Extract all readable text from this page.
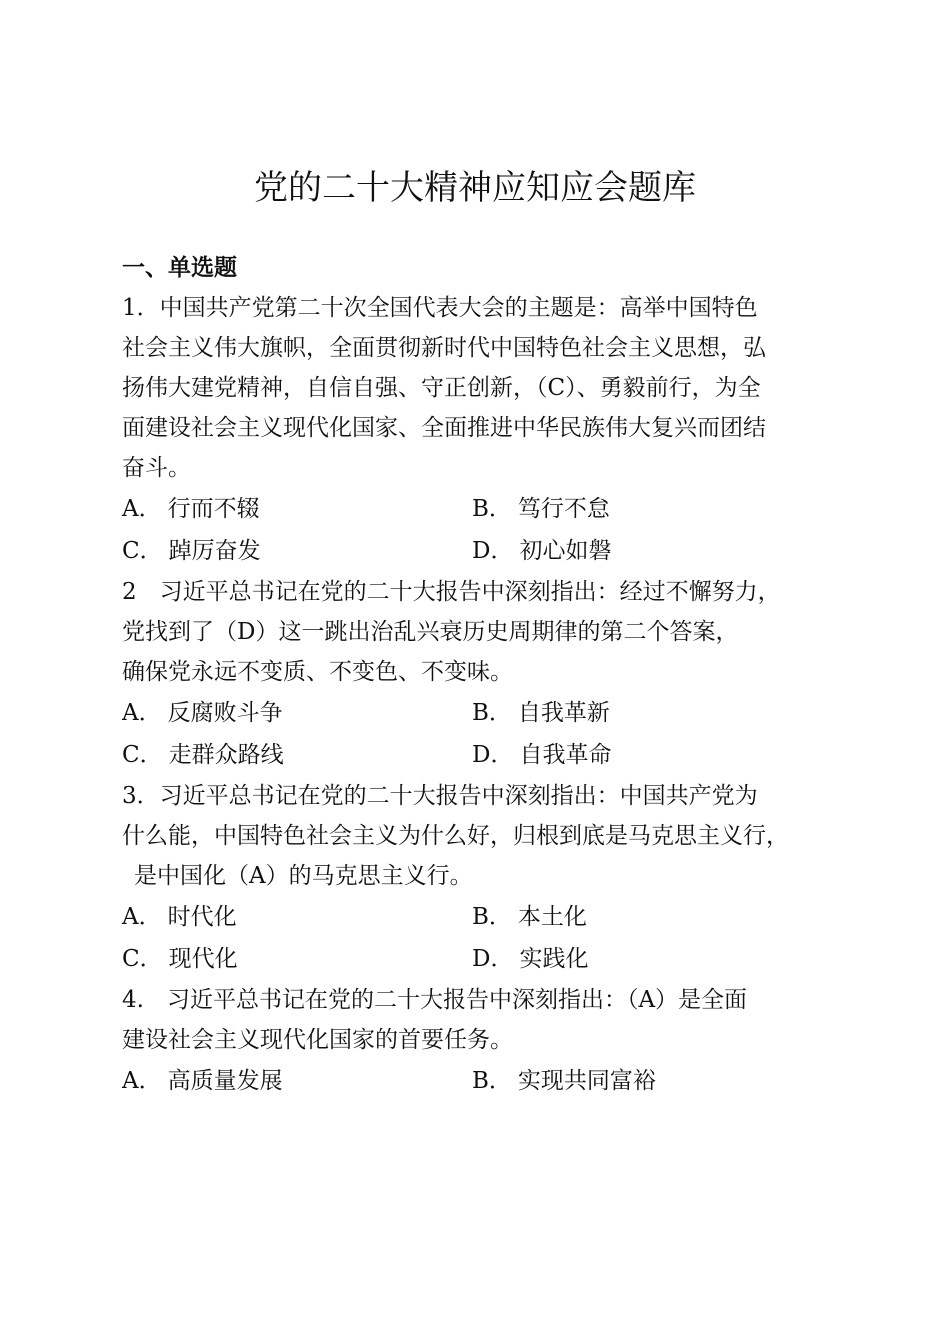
党的二十大精神应知应会题库
一、单选题
1．中国共产党第二十次全国代表大会的主题是：高举中国特色
社会主义伟大旗帜，全面贯彻新时代中国特色社会主义思想，弘
扬伟大建党精神，自信自强、守正创新，（C）、勇毅前行，为全
面建设社会主义现代化国家、全面推进中华民族伟大复兴而团结
奋斗。
A． 行而不辍	B． 笃行不怠
C． 踔厉奋发	D． 初心如磐
2　习近平总书记在党的二十大报告中深刻指出：经过不懈努力，
党找到了（D）这一跳出治乱兴衰历史周期律的第二个答案，
确保党永远不变质、不变色、不变味。
A． 反腐败斗争	B． 自我革新
C． 走群众路线	D． 自我革命
3．习近平总书记在党的二十大报告中深刻指出：中国共产党为
什么能，中国特色社会主义为什么好，归根到底是马克思主义行，
是中国化（A）的马克思主义行。
A． 时代化	B． 本土化
C． 现代化	D． 实践化
4.　习近平总书记在党的二十大报告中深刻指出：（A）是全面
建设社会主义现代化国家的首要任务。
A． 高质量发展	B． 实现共同富裕
